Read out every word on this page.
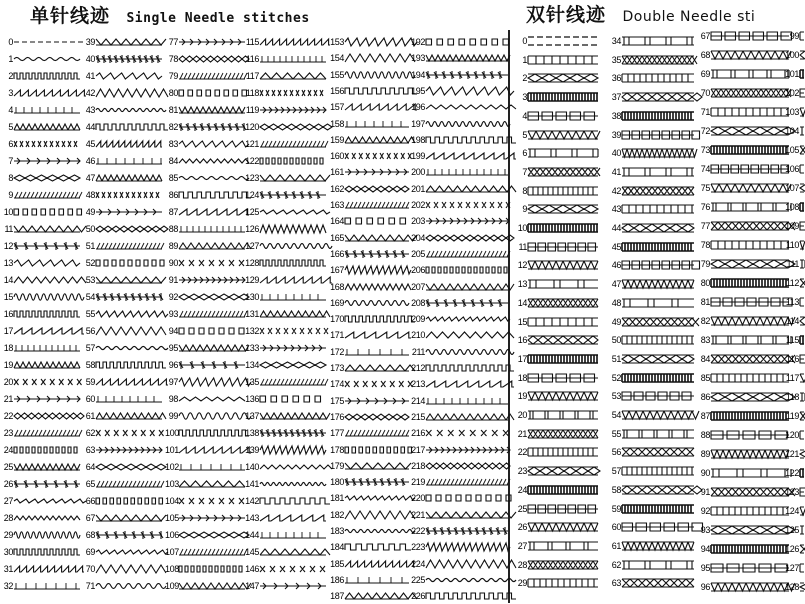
单针线迹 Single Needle stitches	双针线迹 Double Needle sti
0
1
2
3
4
5
6
7
8
9
10
11
12
13
14
15
16
17
18
19
20
21
22
23
24
25
26
27
28
29
30
31
32
39
40
41
42
43
44
45
46
47
48
49
50
51
52
53
54
55
56
57
58
59
60
61
62
63
64
65
66
67
68
69
70
71
77
78
79
80
81
82
83
84
85
86
87
88
89
90
91
92
93
94
95
96
97
98
99
100
101
102
103
104
105
106
107
108
109
115
116
117
118
119
120
121
122
123
124
125
126
127
128
129
130
131
132
133
134
135
136
137
138
139
140
141
142
143
144
145
146
147
153
154
155
156
157
158
159
160
161
162
163
164
165
166
167
168
169
170
171
172
173
174
175
176
177
178
179
180
181
182
183
184
185
186
187
192
193
194
195
196
197
198
199
200
201
202
203
204
205
206
207
208
209
210
211
212
213
214
215
216
217
218
219
220
221
222
223
224
225
226
0
1
2
3
4
5
6
7
8
9
10
11
12
13
14
15
16
17
18
19
20
21
22
23
24
25
26
27
28
29
34
35
36
37
38
39
40
41
42
43
44
45
46
47
48
49
50
51
52
53
54
55
56
57
58
59
60
61
62
63
67
68
69
70
71
72
73
74
75
76
77
78
79
80
81
82
83
84
85
86
87
88
89
90
91
92
93
94
95
96
99
100
101
102
103
104
105
106
107
108
109
110
111
112
113
114
115
116
117
118
119
120
121
122
123
124
125
126
127
128
